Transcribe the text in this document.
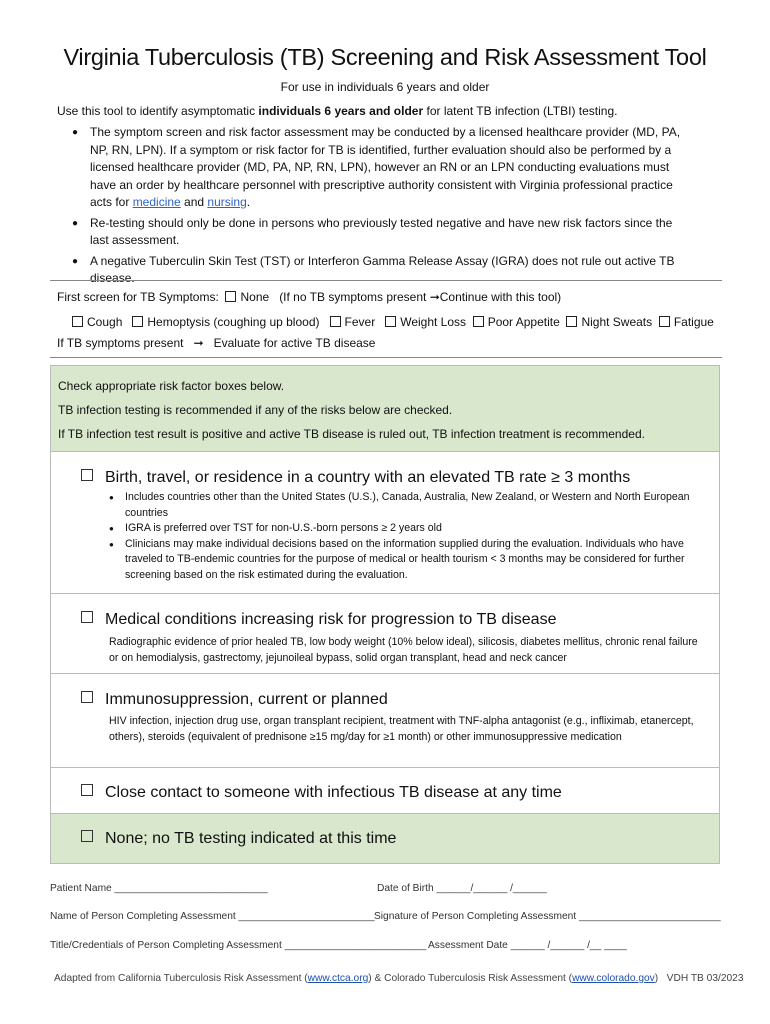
Virginia Tuberculosis (TB) Screening and Risk Assessment Tool
For use in individuals 6 years and older
Use this tool to identify asymptomatic individuals 6 years and older for latent TB infection (LTBI) testing.
● The symptom screen and risk factor assessment may be conducted by a licensed healthcare provider (MD, PA, NP, RN, LPN). If a symptom or risk factor for TB is identified, further evaluation should also be performed by a licensed healthcare provider (MD, PA, NP, RN, LPN), however an RN or an LPN conducting evaluations must have an order by healthcare personnel with prescriptive authority consistent with Virginia professional practice acts for medicine and nursing.
● Re-testing should only be done in persons who previously tested negative and have new risk factors since the last assessment.
● A negative Tuberculin Skin Test (TST) or Interferon Gamma Release Assay (IGRA) does not rule out active TB disease.
First screen for TB Symptoms: None (If no TB symptoms present ➞Continue with this tool)
Cough Hemoptysis (coughing up blood) Fever Weight Loss Poor Appetite Night Sweats Fatigue
If TB symptoms present ➞ Evaluate for active TB disease
Check appropriate risk factor boxes below.
TB infection testing is recommended if any of the risks below are checked.
If TB infection test result is positive and active TB disease is ruled out, TB infection treatment is recommended.
Birth, travel, or residence in a country with an elevated TB rate ≥ 3 months
● Includes countries other than the United States (U.S.), Canada, Australia, New Zealand, or Western and North European countries
● IGRA is preferred over TST for non-U.S.-born persons ≥ 2 years old
● Clinicians may make individual decisions based on the information supplied during the evaluation. Individuals who have traveled to TB-endemic countries for the purpose of medical or health tourism < 3 months may be considered for further screening based on the risk estimated during the evaluation.
Medical conditions increasing risk for progression to TB disease
Radiographic evidence of prior healed TB, low body weight (10% below ideal), silicosis, diabetes mellitus, chronic renal failure or on hemodialysis, gastrectomy, jejunoileal bypass, solid organ transplant, head and neck cancer
Immunosuppression, current or planned
HIV infection, injection drug use, organ transplant recipient, treatment with TNF-alpha antagonist (e.g., infliximab, etanercept, others), steroids (equivalent of prednisone ≥15 mg/day for ≥1 month) or other immunosuppressive medication
Close contact to someone with infectious TB disease at any time
None; no TB testing indicated at this time
Patient Name ___________________________	Date of Birth ______/______ /______
Name of Person Completing Assessment ________________________ Signature of Person Completing Assessment _________________________
Title/Credentials of Person Completing Assessment _________________________ Assessment Date ______ /______ /__ ____
Adapted from California Tuberculosis Risk Assessment (www.ctca.org) & Colorado Tuberculosis Risk Assessment (www.colorado.gov) VDH TB 03/2023
